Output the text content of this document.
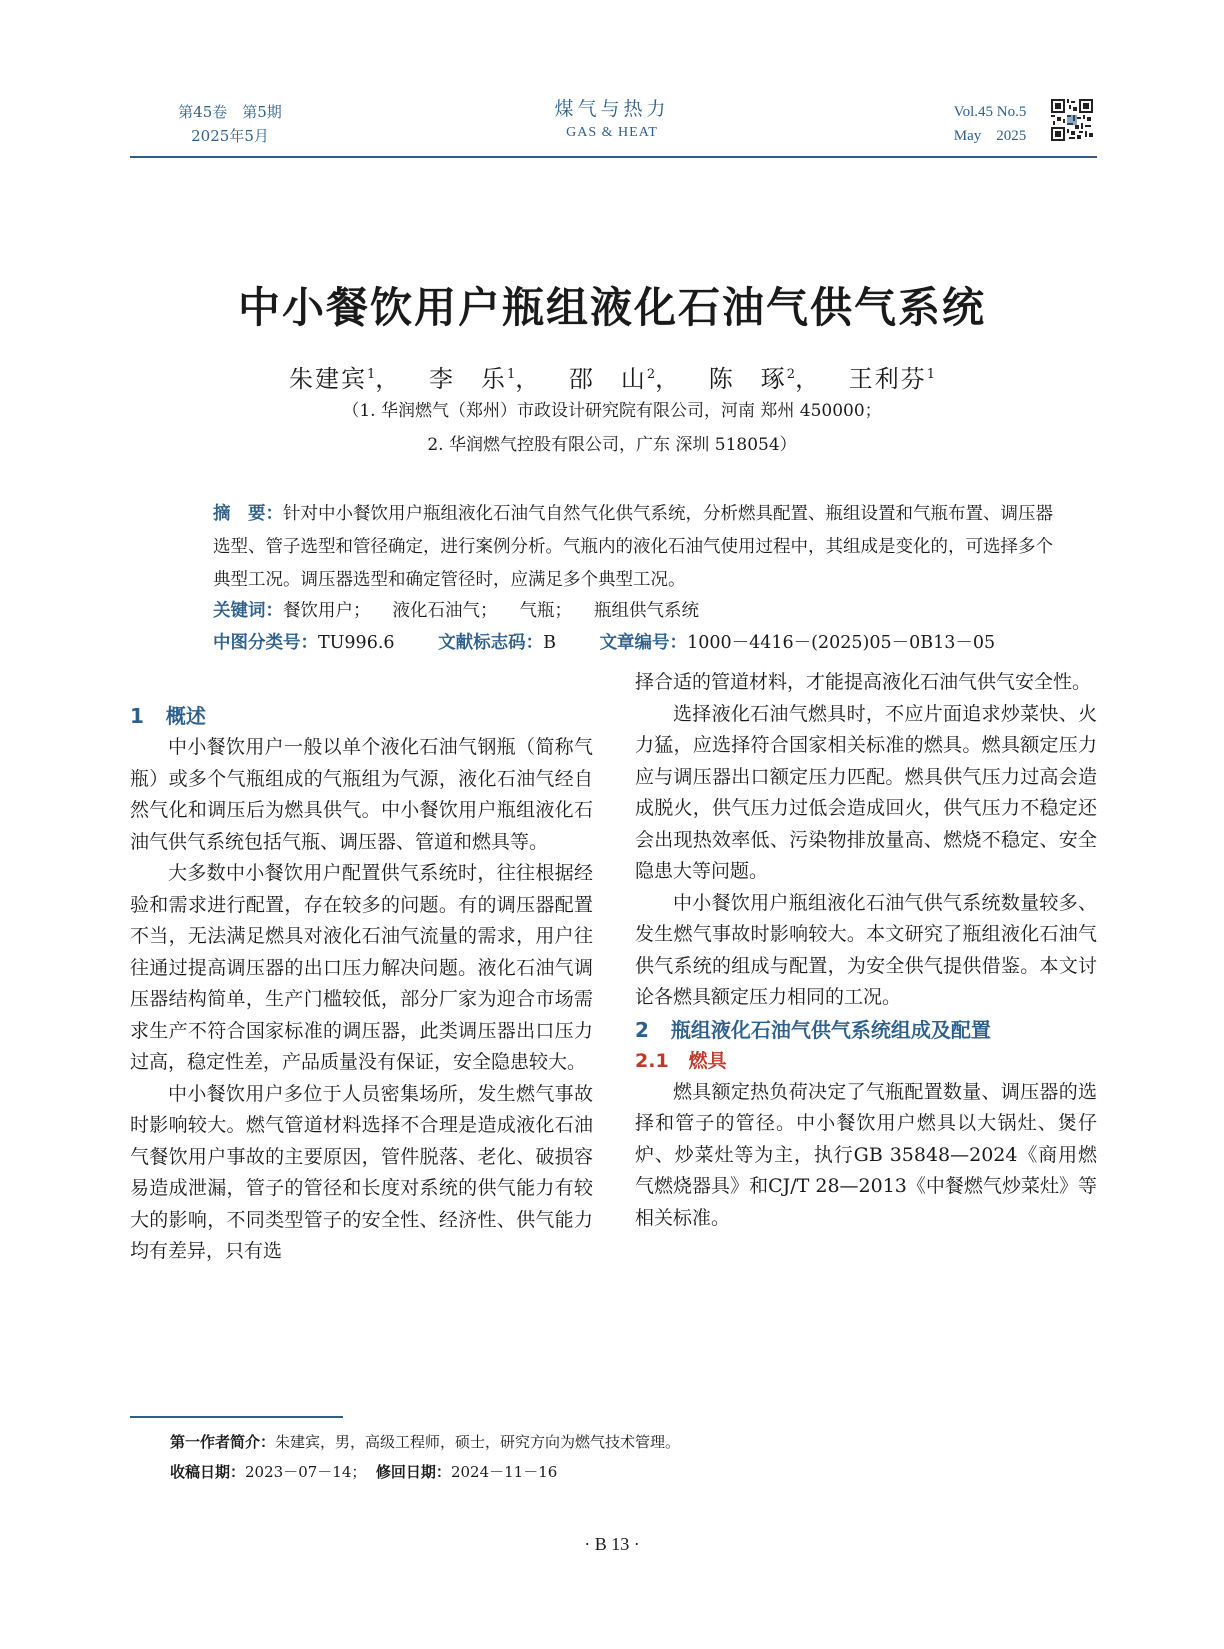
第45卷　第5期
2025年5月
煤气与热力
GAS & HEAT
Vol.45 No.5
May　2025
中小餐饮用户瓶组液化石油气供气系统
朱建宾$^1$， 李　乐$^1$， 邵　山$^2$， 陈　琢$^2$， 王利芬$^1$
（1. 华润燃气（郑州）市政设计研究院有限公司，河南 郑州 450000；
2. 华润燃气控股有限公司，广东 深圳 518054）
摘　要：针对中小餐饮用户瓶组液化石油气自然气化供气系统，分析燃具配置、瓶组设置和气瓶布置、调压器选型、管子选型和管径确定，进行案例分析。气瓶内的液化石油气使用过程中，其组成是变化的，可选择多个典型工况。调压器选型和确定管径时，应满足多个典型工况。
关键词：餐饮用户； 液化石油气； 气瓶； 瓶组供气系统
中图分类号：TU996.6 文献标志码：B 文章编号：1000－4416－(2025)05－0B13－05
1 概述

中小餐饮用户一般以单个液化石油气钢瓶（简称气瓶）或多个气瓶组成的气瓶组为气源，液化石油气经自然气化和调压后为燃具供气。中小餐饮用户瓶组液化石油气供气系统包括气瓶、调压器、管道和燃具等。

大多数中小餐饮用户配置供气系统时，往往根据经验和需求进行配置，存在较多的问题。有的调压器配置不当，无法满足燃具对液化石油气流量的需求，用户往往通过提高调压器的出口压力解决问题。液化石油气调压器结构简单，生产门槛较低，部分厂家为迎合市场需求生产不符合国家标准的调压器，此类调压器出口压力过高，稳定性差，产品质量没有保证，安全隐患较大。

中小餐饮用户多位于人员密集场所，发生燃气事故时影响较大。燃气管道材料选择不合理是造成液化石油气餐饮用户事故的主要原因，管件脱落、老化、破损容易造成泄漏，管子的管径和长度对系统的供气能力有较大的影响，不同类型管子的安全性、经济性、供气能力均有差异，只有选

择合适的管道材料，才能提高液化石油气供气安全性。

选择液化石油气燃具时，不应片面追求炒菜快、火力猛，应选择符合国家相关标准的燃具。燃具额定压力应与调压器出口额定压力匹配。燃具供气压力过高会造成脱火，供气压力过低会造成回火，供气压力不稳定还会出现热效率低、污染物排放量高、燃烧不稳定、安全隐患大等问题。

中小餐饮用户瓶组液化石油气供气系统数量较多、发生燃气事故时影响较大。本文研究了瓶组液化石油气供气系统的组成与配置，为安全供气提供借鉴。本文讨论各燃具额定压力相同的工况。

2 瓶组液化石油气供气系统组成及配置
2.1 燃具

燃具额定热负荷决定了气瓶配置数量、调压器的选择和管子的管径。中小餐饮用户燃具以大锅灶、煲仔炉、炒菜灶等为主，执行GB 35848—2024《商用燃气燃烧器具》和CJ/T 28—2013《中餐燃气炒菜灶》等相关标准。

第一作者简介：朱建宾，男，高级工程师，硕士，研究方向为燃气技术管理。
收稿日期：2023－07－14； 修回日期：2024－11－16
· B 13 ·
